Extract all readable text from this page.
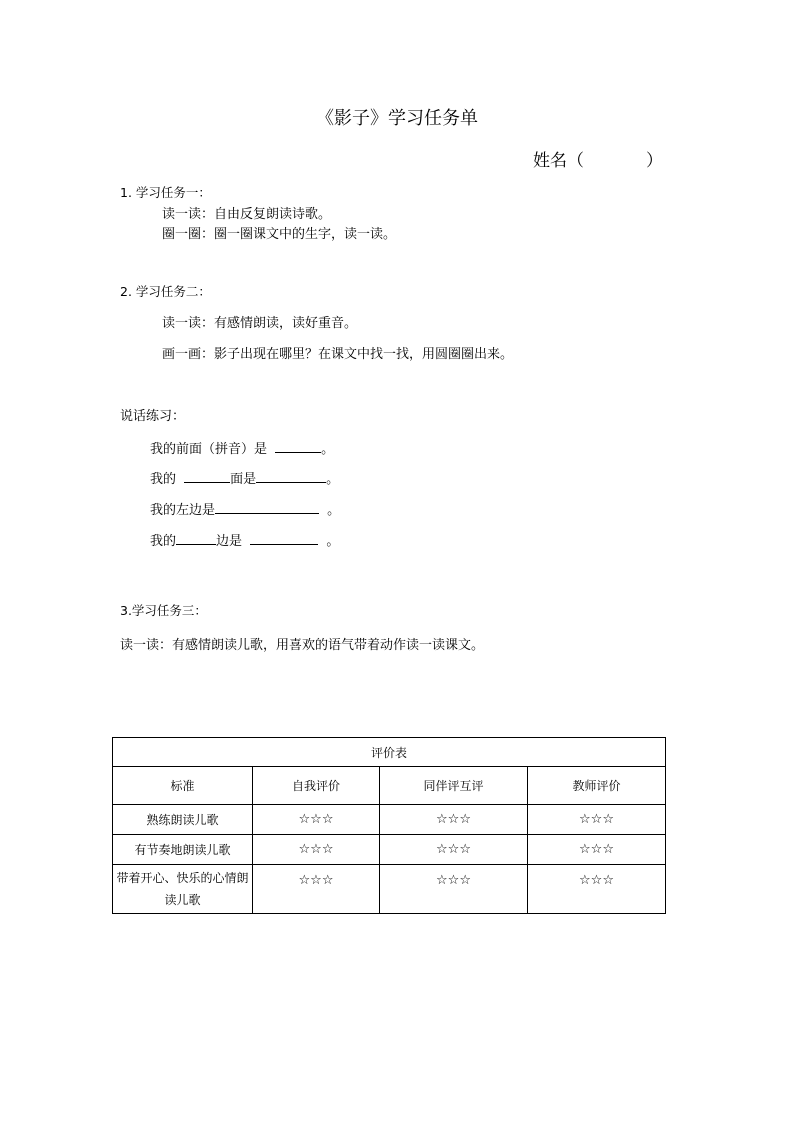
《影子》学习任务单
姓名（	）
1. 学习任务一：
读一读：自由反复朗读诗歌。
圈一圈：圈一圈课文中的生字，读一读。
2. 学习任务二：
读一读：有感情朗读，读好重音。
画一画：影子出现在哪里？在课文中找一找，用圆圈圈出来。
说话练习：
我的前面（拼音）是	。
我的	面是	。
我的左边是	。
我的	边是	。
3.学习任务三：
读一读：有感情朗读儿歌，用喜欢的语气带着动作读一读课文。
评价表			
标准	自我评价	同伴评互评	教师评价
熟练朗读儿歌	☆☆☆	☆☆☆	☆☆☆
有节奏地朗读儿歌	☆☆☆	☆☆☆	☆☆☆
带着开心、快乐的心情朗读儿歌	☆☆☆	☆☆☆	☆☆☆
